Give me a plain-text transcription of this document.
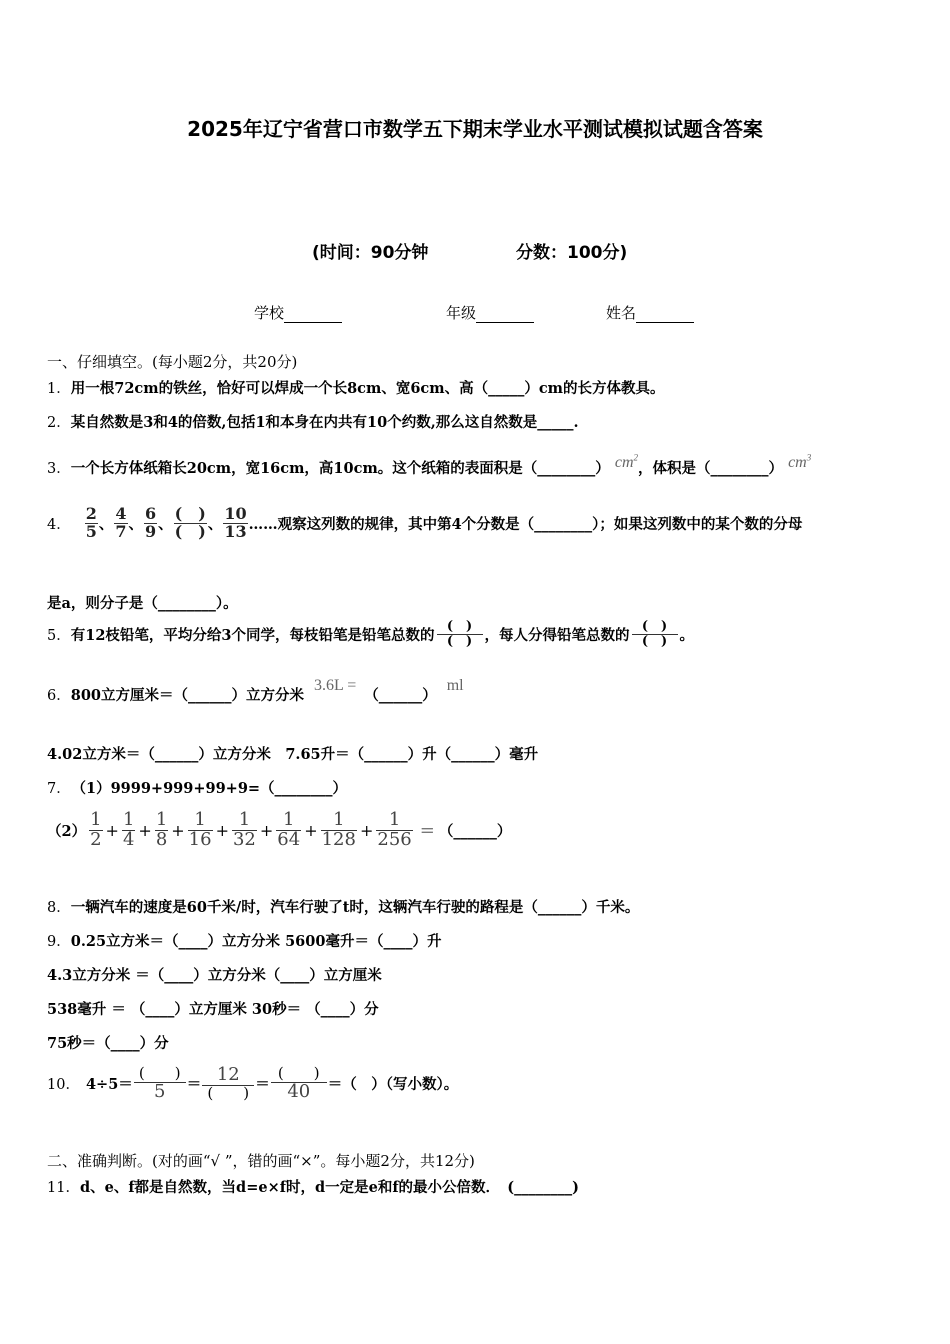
2025年辽宁省营口市数学五下期末学业水平测试模拟试题含答案
(时间：90分钟	分数：100分)
学校	年级	姓名
一、仔细填空。(每小题2分，共20分)
1．用一根72cm的铁丝，恰好可以焊成一个长8cm、宽6cm、高（_____）cm的长方体教具。
2．某自然数是3和4的倍数,包括1和本身在内共有10个约数,那么这自然数是_____.
3．一个长方体纸箱长20cm，宽16cm，高10cm。这个纸箱的表面积是（________） $cm^2$，体积是（________） $cm^3$
4． $\frac{2}{5}$ 、 $\frac{4}{7}$ 、 $\frac{6}{9}$ 、 $\frac{( )}{( )}$ 、 $\frac{10}{13}$ ……观察这列数的规律，其中第4个分数是（________）；如果这列数中的某个数的分母
是a，则分子是（________）。
5． 有12枝铅笔，平均分给3个同学，每枝铅笔是铅笔总数的 $\frac{( )}{( )}$ ，每人分得铅笔总数的 $\frac{( )}{( )}$ 。
6． 800立方厘米＝（______）立方分米
3.6L =
（______）
ml
4.02立方米＝（______）立方分米　7.65升＝（______）升（______）毫升
7． （1）9999+999+99+9=（________）
$(2) \frac{1}{2} + \frac{1}{4} + \frac{1}{8} + \frac{1}{16} + \frac{1}{32} + \frac{1}{64} + \frac{1}{128} + \frac{1}{256}$ = （______）
8．一辆汽车的速度是60千米/时，汽车行驶了t时，这辆汽车行驶的路程是（______）千米。
9．0.25立方米＝（____）立方分米 5600毫升＝（____）升
4.3立方分米 ＝（____）立方分米（____）立方厘米
538毫升 ＝ （____）立方厘米 30秒＝ （____）分
75秒＝（____）分
10． $4\div 5= \frac{( )}{5} = \frac{12}{( )} = \frac{( )}{40}$ ＝（　）（写小数）。
二、准确判断。(对的画“√ ”，错的画“×”。每小题2分，共12分)
11．d、e、f都是自然数，当d=e×f时，d一定是e和f的最小公倍数．　(________)
